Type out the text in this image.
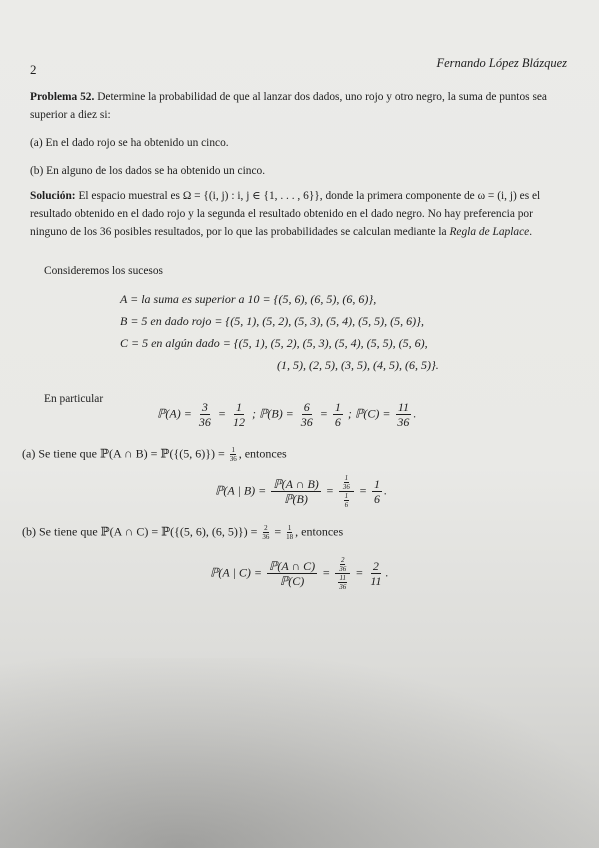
2	Fernando López Blázquez
Problema 52. Determine la probabilidad de que al lanzar dos dados, uno rojo y otro negro, la suma de puntos sea superior a diez si:
(a) En el dado rojo se ha obtenido un cinco.
(b) En alguno de los dados se ha obtenido un cinco.
Solución: El espacio muestral es Ω = {(i, j) : i, j ∈ {1, . . . , 6}}, donde la primera componente de ω = (i, j) es el resultado obtenido en el dado rojo y la segunda el resultado obtenido en el dado negro. No hay preferencia por ninguno de los 36 posibles resultados, por lo que las probabilidades se calculan mediante la Regla de Laplace.
Consideremos los sucesos
A = la suma es superior a 10 = {(5, 6), (6, 5), (6, 6)},
B = 5 en dado rojo = {(5, 1), (5, 2), (5, 3), (5, 4), (5, 5), (5, 6)},
C = 5 en algún dado = {(5, 1), (5, 2), (5, 3), (5, 4), (5, 5), (5, 6),
(1, 5), (2, 5), (3, 5), (4, 5), (6, 5)}.
En particular
ℙ(A) = $\frac{3}{36} = \frac{1}{12}$ ; ℙ(B) = $\frac{6}{36} = \frac{1}{6}$ ; ℙ(C) = $\frac{11}{36}$ .
(a) Se tiene que ℙ(A ∩ B) = ℙ({(5, $6)\}) = \frac{1}{36}$ , entonces
ℙ(A | $B) = \frac{\text{ℙ(A ∩ B)}}{\text{ℙ(B)}} = \frac{\frac{1}{36}}{\frac{1}{6}} = \frac{1}{6}$ .
(b) Se tiene que ℙ(A ∩ C) = ℙ({(5, 6), (6, $5)\}) = \frac{2}{36} = \frac{1}{18}$ , entonces
ℙ(A | $C) = \frac{\text{ℙ(A ∩ C)}}{\text{ℙ(C)}} = \frac{\frac{2}{36}}{\frac{11}{36}} = \frac{2}{11}$ .
